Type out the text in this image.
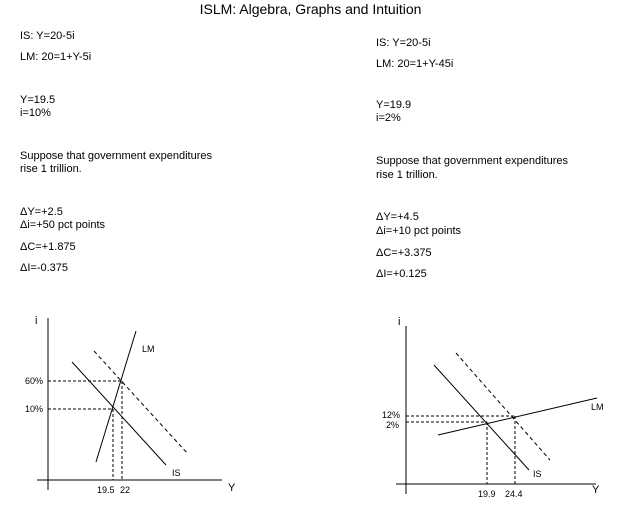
ISLM: Algebra, Graphs and Intuition
IS: Y=20-5i
LM: 20=1+Y-5i
Y=19.5
i=10%
Suppose that government expenditures
rise 1 trillion.
ΔY=+2.5
Δi=+50 pct points
ΔC=+1.875
ΔI=-0.375
IS: Y=20-5i
LM: 20=1+Y-45i
Y=19.9
i=2%
Suppose that government expenditures
rise 1 trillion.
ΔY=+4.5
Δi=+10 pct points
ΔC=+3.375
ΔI=+0.125
i
Y
LM
IS
60%
10%
19.5 22
i
Y
LM
IS
12%
2%
19.9 24.4
